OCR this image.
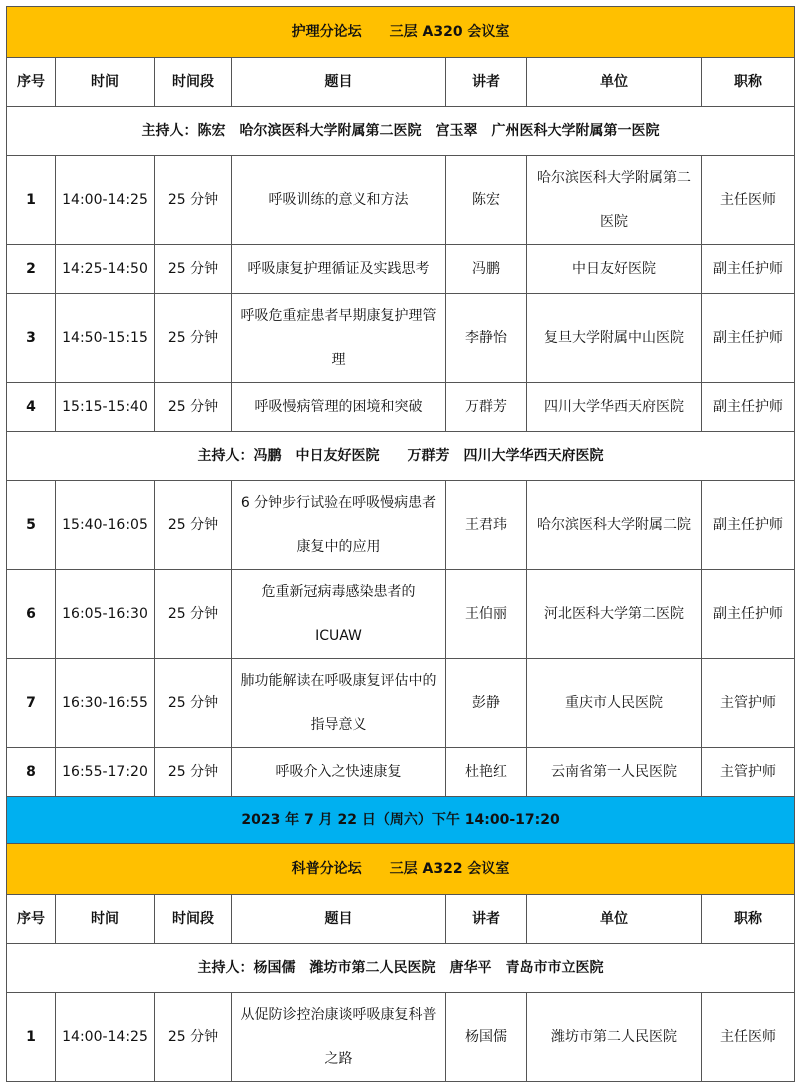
护理分论坛　　三层 A320 会议室						
序号	时间	时间段	题目	讲者	单位	职称
主持人：陈宏　哈尔滨医科大学附属第二医院　宫玉翠　广州医科大学附属第一医院						
1	14:00-14:25	25 分钟	呼吸训练的意义和方法	陈宏	哈尔滨医科大学附属第二医院	主任医师
2	14:25-14:50	25 分钟	呼吸康复护理循证及实践思考	冯鹏	中日友好医院	副主任护师
3	14:50-15:15	25 分钟	呼吸危重症患者早期康复护理管理	李静怡	复旦大学附属中山医院	副主任护师
4	15:15-15:40	25 分钟	呼吸慢病管理的困境和突破	万群芳	四川大学华西天府医院	副主任护师
主持人：冯鹏　中日友好医院　　万群芳　四川大学华西天府医院						
5	15:40-16:05	25 分钟	6 分钟步行试验在呼吸慢病患者康复中的应用	王君玮	哈尔滨医科大学附属二院	副主任护师
6	16:05-16:30	25 分钟	危重新冠病毒感染患者的 ICUAW	王伯丽	河北医科大学第二医院	副主任护师
7	16:30-16:55	25 分钟	肺功能解读在呼吸康复评估中的指导意义	彭静	重庆市人民医院	主管护师
8	16:55-17:20	25 分钟	呼吸介入之快速康复	杜艳红	云南省第一人民医院	主管护师
2023 年 7 月 22 日（周六）下午 14:00-17:20						
科普分论坛　　三层 A322 会议室						
序号	时间	时间段	题目	讲者	单位	职称
主持人：杨国儒　潍坊市第二人民医院　唐华平　青岛市市立医院						
1	14:00-14:25	25 分钟	从促防诊控治康谈呼吸康复科普之路	杨国儒	潍坊市第二人民医院	主任医师
